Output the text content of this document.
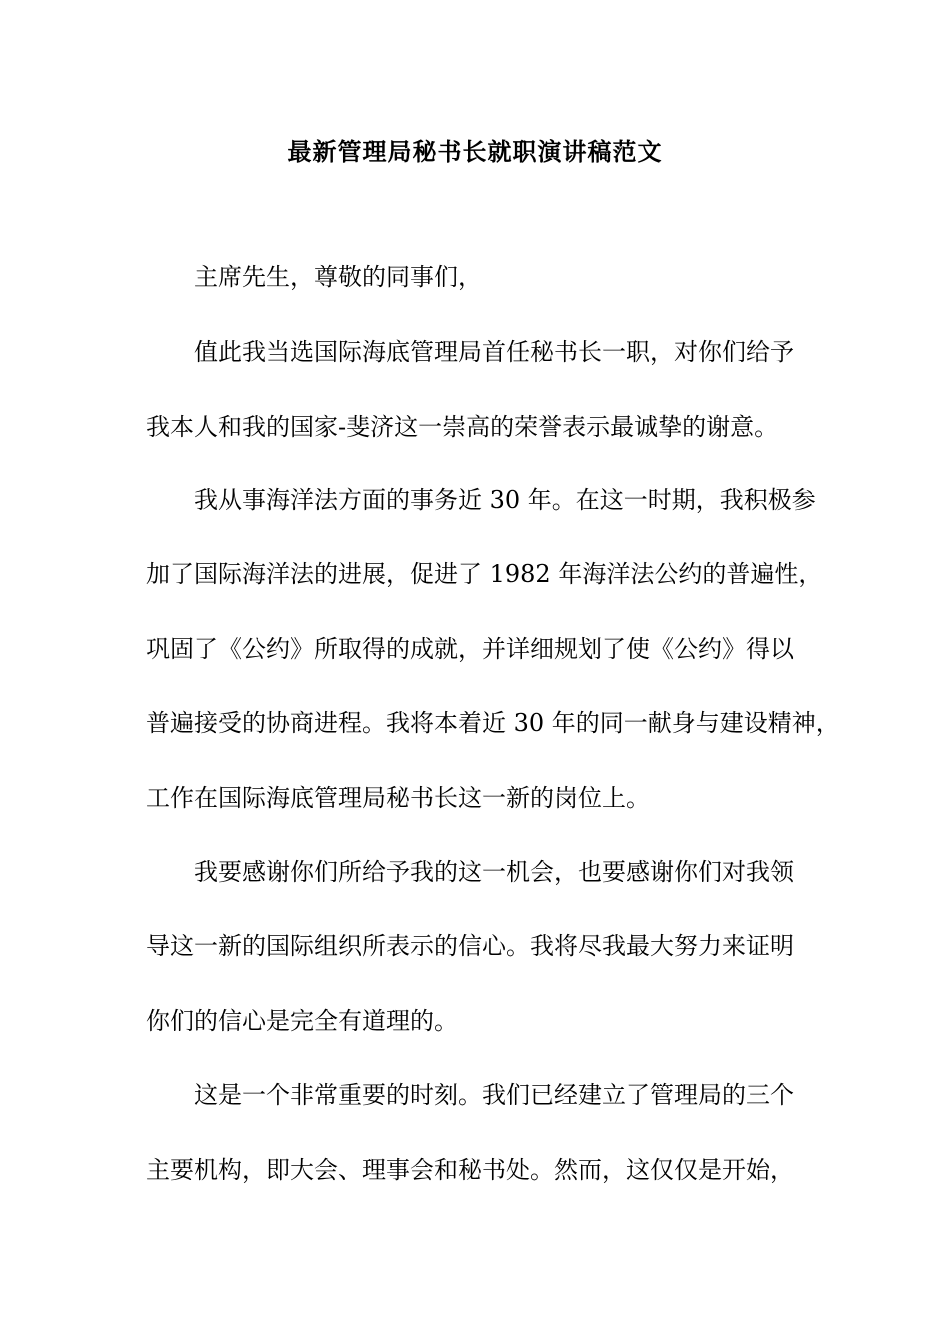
最新管理局秘书长就职演讲稿范文
主席先生，尊敬的同事们，
值此我当选国际海底管理局首任秘书长一职，对你们给予
我本人和我的国家-斐济这一崇高的荣誉表示最诚挚的谢意。
我从事海洋法方面的事务近 30 年。在这一时期，我积极参
加了国际海洋法的进展，促进了 1982 年海洋法公约的普遍性，
巩固了《公约》所取得的成就，并详细规划了使《公约》得以
普遍接受的协商进程。我将本着近 30 年的同一献身与建设精神，
工作在国际海底管理局秘书长这一新的岗位上。
我要感谢你们所给予我的这一机会，也要感谢你们对我领
导这一新的国际组织所表示的信心。我将尽我最大努力来证明
你们的信心是完全有道理的。
这是一个非常重要的时刻。我们已经建立了管理局的三个
主要机构，即大会、理事会和秘书处。然而，这仅仅是开始，
